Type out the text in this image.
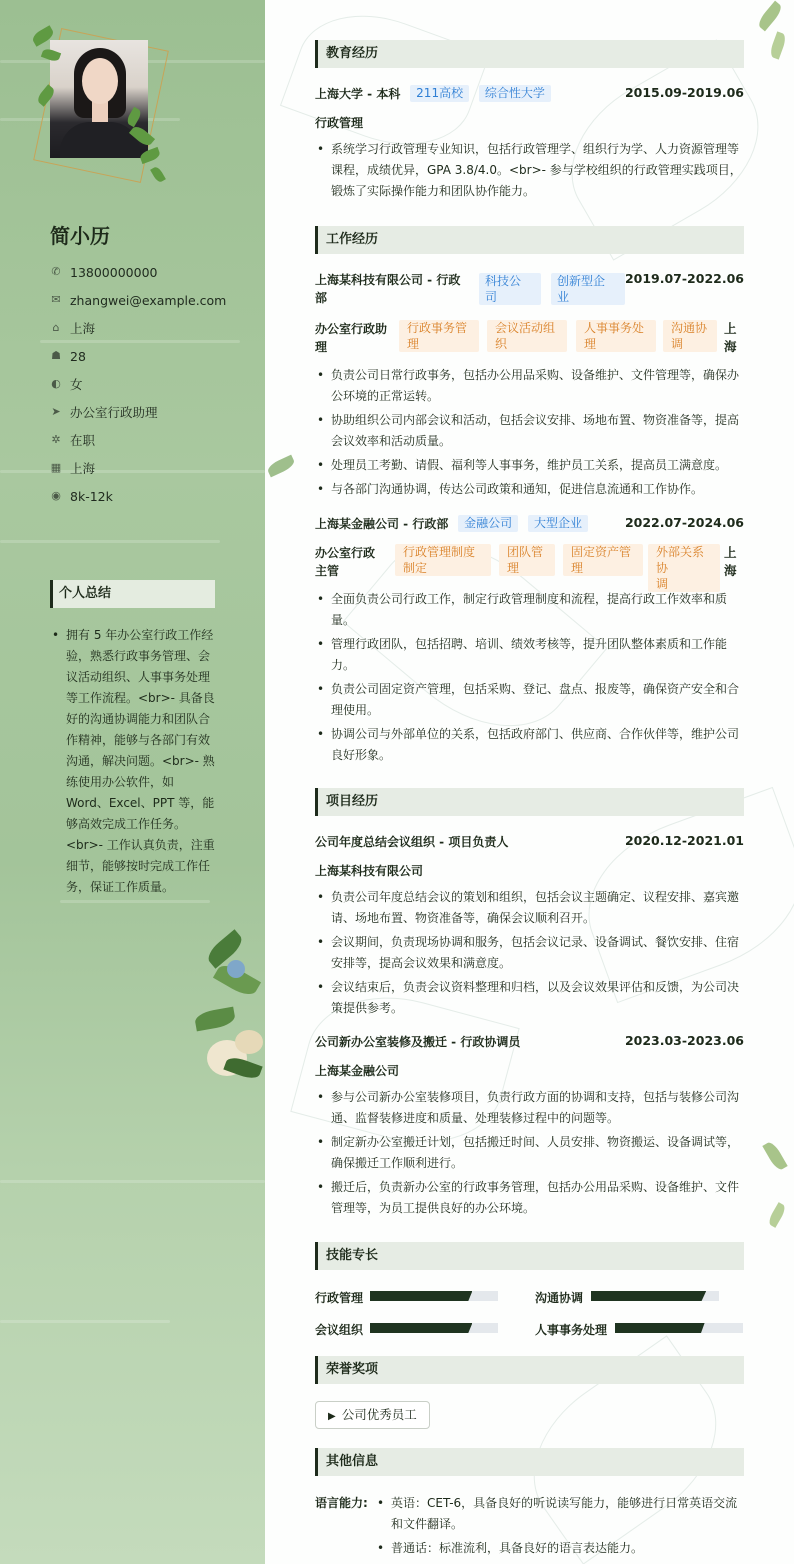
简小历
✆ 13800000000
✉ zhangwei@example.com
⌂ 上海
☗ 28
◐ 女
➤ 办公室行政助理
✲ 在职
▦ 上海
◉ 8k-12k
个人总结
• 拥有 5 年办公室行政工作经验，熟悉行政事务管理、会议活动组织、人事事务处理等工作流程。<br>- 具备良好的沟通协调能力和团队合作精神，能够与各部门有效沟通，解决问题。<br>- 熟练使用办公软件，如 Word、Excel、PPT 等，能够高效完成工作任务。<br>- 工作认真负责，注重细节，能够按时完成工作任务，保证工作质量。
教育经历
上海大学 - 本科 211高校 综合性大学	2015.09-2019.06
行政管理
• 系统学习行政管理专业知识，包括行政管理学、组织行为学、人力资源管理等课程，成绩优异，GPA 3.8/4.0。<br>- 参与学校组织的行政管理实践项目，锻炼了实际操作能力和团队协作能力。
工作经历
上海某科技有限公司 - 行政
部
科技公
司
创新型企
业
2019.07-2022.06
办公室行政助
理
行政事务管
理
会议活动组
织
人事事务处
理
沟通协
调
上
海
• 负责公司日常行政事务，包括办公用品采购、设备维护、文件管理等，确保办公环境的正常运转。
• 协助组织公司内部会议和活动，包括会议安排、场地布置、物资准备等，提高会议效率和活动质量。
• 处理员工考勤、请假、福利等人事事务，维护员工关系，提高员工满意度。
• 与各部门沟通协调，传达公司政策和通知，促进信息流通和工作协作。
上海某金融公司 - 行政部 金融公司 大型企业	2022.07-2024.06
办公室行政
主管
行政管理制度
制定
团队管
理
固定资产管
理
外部关系协
调
上
海
• 全面负责公司行政工作，制定行政管理制度和流程，提高行政工作效率和质量。
• 管理行政团队，包括招聘、培训、绩效考核等，提升团队整体素质和工作能力。
• 负责公司固定资产管理，包括采购、登记、盘点、报废等，确保资产安全和合理使用。
• 协调公司与外部单位的关系，包括政府部门、供应商、合作伙伴等，维护公司良好形象。
项目经历
公司年度总结会议组织 - 项目负责人	2020.12-2021.01
上海某科技有限公司
• 负责公司年度总结会议的策划和组织，包括会议主题确定、议程安排、嘉宾邀请、场地布置、物资准备等，确保会议顺利召开。
• 会议期间，负责现场协调和服务，包括会议记录、设备调试、餐饮安排、住宿安排等，提高会议效果和满意度。
• 会议结束后，负责会议资料整理和归档，以及会议效果评估和反馈，为公司决策提供参考。
公司新办公室装修及搬迁 - 行政协调员	2023.03-2023.06
上海某金融公司
• 参与公司新办公室装修项目，负责行政方面的协调和支持，包括与装修公司沟通、监督装修进度和质量、处理装修过程中的问题等。
• 制定新办公室搬迁计划，包括搬迁时间、人员安排、物资搬运、设备调试等，确保搬迁工作顺利进行。
• 搬迁后，负责新办公室的行政事务管理，包括办公用品采购、设备维护、文件管理等，为员工提供良好的办公环境。
技能专长
行政管理	沟通协调
会议组织	人事事务处理
荣誉奖项
▶ 公司优秀员工
其他信息
语言能力:
• 英语：CET-6，具备良好的听说读写能力，能够进行日常英语交流
和文件翻译。
• 普通话：标准流利，具备良好的语言表达能力。
